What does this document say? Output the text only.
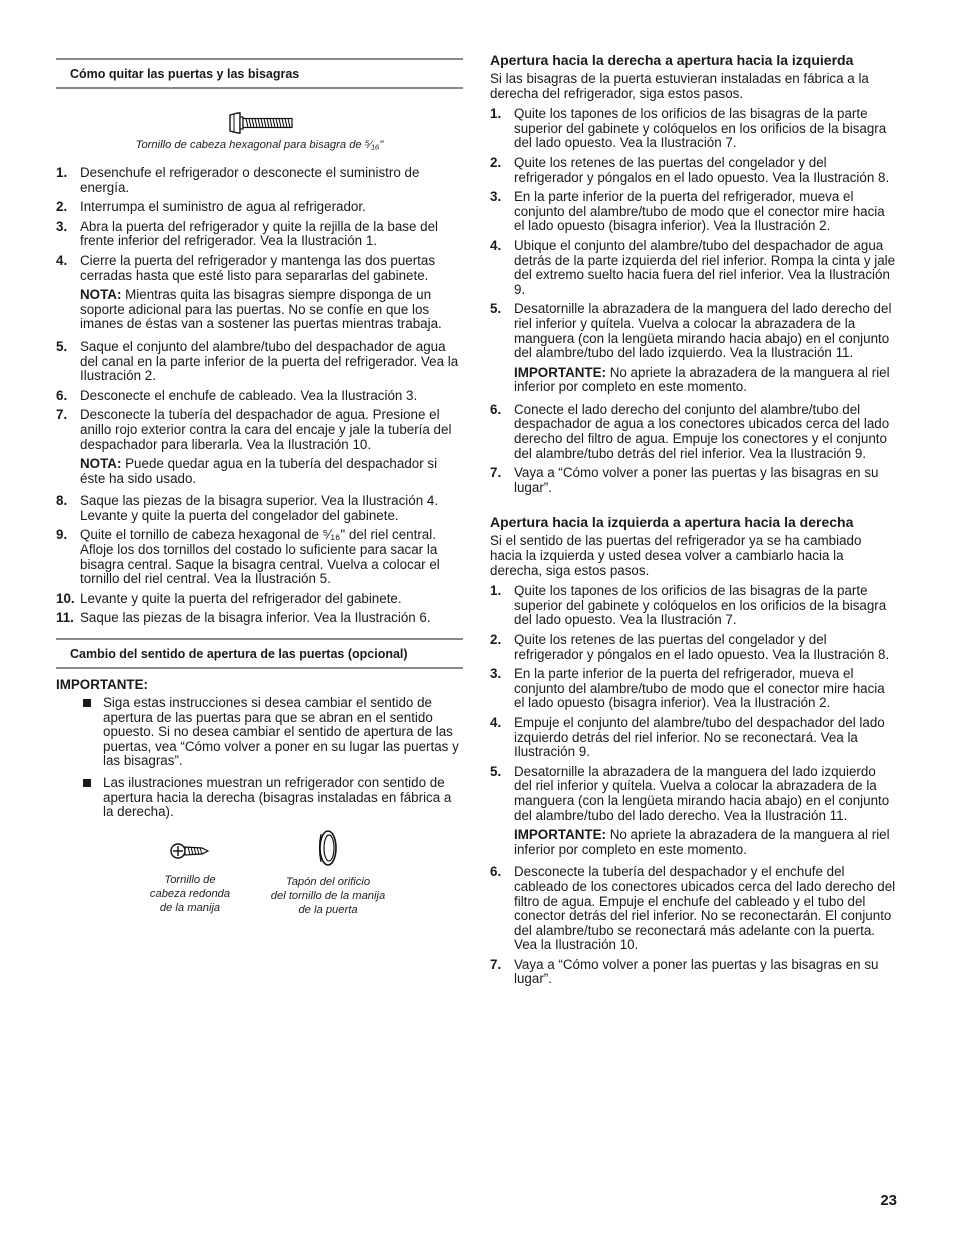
Cómo quitar las puertas y las bisagras
Tornillo de cabeza hexagonal para bisagra de ⁵⁄₁₆"
1. Desenchufe el refrigerador o desconecte el suministro de energía.

2. Interrumpa el suministro de agua al refrigerador.

3. Abra la puerta del refrigerador y quite la rejilla de la base del frente inferior del refrigerador. Vea la Ilustración 1.

4. Cierre la puerta del refrigerador y mantenga las dos puertas cerradas hasta que esté listo para separarlas del gabinete.

NOTA: Mientras quita las bisagras siempre disponga de un soporte adicional para las puertas. No se confíe en que los imanes de éstas van a sostener las puertas mientras trabaja.

5. Saque el conjunto del alambre/tubo del despachador de agua del canal en la parte inferior de la puerta del refrigerador. Vea la Ilustración 2.

6. Desconecte el enchufe de cableado. Vea la Ilustración 3.

7. Desconecte la tubería del despachador de agua. Presione el anillo rojo exterior contra la cara del encaje y jale la tubería del despachador para liberarla. Vea la Ilustración 10.

NOTA: Puede quedar agua en la tubería del despachador si éste ha sido usado.

8. Saque las piezas de la bisagra superior. Vea la Ilustración 4. Levante y quite la puerta del congelador del gabinete.

9. Quite el tornillo de cabeza hexagonal de ⁵⁄₁₆" del riel central. Afloje los dos tornillos del costado lo suficiente para sacar la bisagra central. Saque la bisagra central. Vuelva a colocar el tornillo del riel central. Vea la Ilustración 5.

10. Levante y quite la puerta del refrigerador del gabinete.

11. Saque las piezas de la bisagra inferior. Vea la Ilustración 6.

Cambio del sentido de apertura de las puertas (opcional)
IMPORTANTE:
Siga estas instrucciones si desea cambiar el sentido de apertura de las puertas para que se abran en el sentido opuesto. Si no desea cambiar el sentido de apertura de las puertas, vea “Cómo volver a poner en su lugar las puertas y las bisagras”.
Las ilustraciones muestran un refrigerador con sentido de apertura hacia la derecha (bisagras instaladas en fábrica a la derecha).
Tornillo de
cabeza redonda
de la manija
Tapón del orificio
del tornillo de la manija
de la puerta
Apertura hacia la derecha a apertura hacia la izquierda

Si las bisagras de la puerta estuvieran instaladas en fábrica a la derecha del refrigerador, siga estos pasos.

1. Quite los tapones de los orificios de las bisagras de la parte superior del gabinete y colóquelos en los orificios de la bisagra del lado opuesto. Vea la Ilustración 7.

2. Quite los retenes de las puertas del congelador y del refrigerador y póngalos en el lado opuesto. Vea la Ilustración 8.

3. En la parte inferior de la puerta del refrigerador, mueva el conjunto del alambre/tubo de modo que el conector mire hacia el lado opuesto (bisagra inferior). Vea la Ilustración 2.

4. Ubique el conjunto del alambre/tubo del despachador de agua detrás de la parte izquierda del riel inferior. Rompa la cinta y jale del extremo suelto hacia fuera del riel inferior. Vea la Ilustración 9.

5. Desatornille la abrazadera de la manguera del lado derecho del riel inferior y quítela. Vuelva a colocar la abrazadera de la manguera (con la lengüeta mirando hacia abajo) en el conjunto del alambre/tubo del lado izquierdo. Vea la Ilustración 11.

IMPORTANTE: No apriete la abrazadera de la manguera al riel inferior por completo en este momento.

6. Conecte el lado derecho del conjunto del alambre/tubo del despachador de agua a los conectores ubicados cerca del lado derecho del filtro de agua. Empuje los conectores y el conjunto del alambre/tubo detrás del riel inferior. Vea la Ilustración 9.

7. Vaya a “Cómo volver a poner las puertas y las bisagras en su lugar”.

Apertura hacia la izquierda a apertura hacia la derecha

Si el sentido de las puertas del refrigerador ya se ha cambiado hacia la izquierda y usted desea volver a cambiarlo hacia la derecha, siga estos pasos.

1. Quite los tapones de los orificios de las bisagras de la parte superior del gabinete y colóquelos en los orificios de la bisagra del lado opuesto. Vea la Ilustración 7.

2. Quite los retenes de las puertas del congelador y del refrigerador y póngalos en el lado opuesto. Vea la Ilustración 8.

3. En la parte inferior de la puerta del refrigerador, mueva el conjunto del alambre/tubo de modo que el conector mire hacia el lado opuesto (bisagra inferior). Vea la Ilustración 2.

4. Empuje el conjunto del alambre/tubo del despachador del lado izquierdo detrás del riel inferior. No se reconectará. Vea la Ilustración 9.

5. Desatornille la abrazadera de la manguera del lado izquierdo del riel inferior y quítela. Vuelva a colocar la abrazadera de la manguera (con la lengüeta mirando hacia abajo) en el conjunto del alambre/tubo del lado derecho. Vea la Ilustración 11.

IMPORTANTE: No apriete la abrazadera de la manguera al riel inferior por completo en este momento.

6. Desconecte la tubería del despachador y el enchufe del cableado de los conectores ubicados cerca del lado derecho del filtro de agua. Empuje el enchufe del cableado y el tubo del conector detrás del riel inferior. No se reconectarán. El conjunto del alambre/tubo se reconectará más adelante con la puerta. Vea la Ilustración 10.

7. Vaya a “Cómo volver a poner las puertas y las bisagras en su lugar”.

23
